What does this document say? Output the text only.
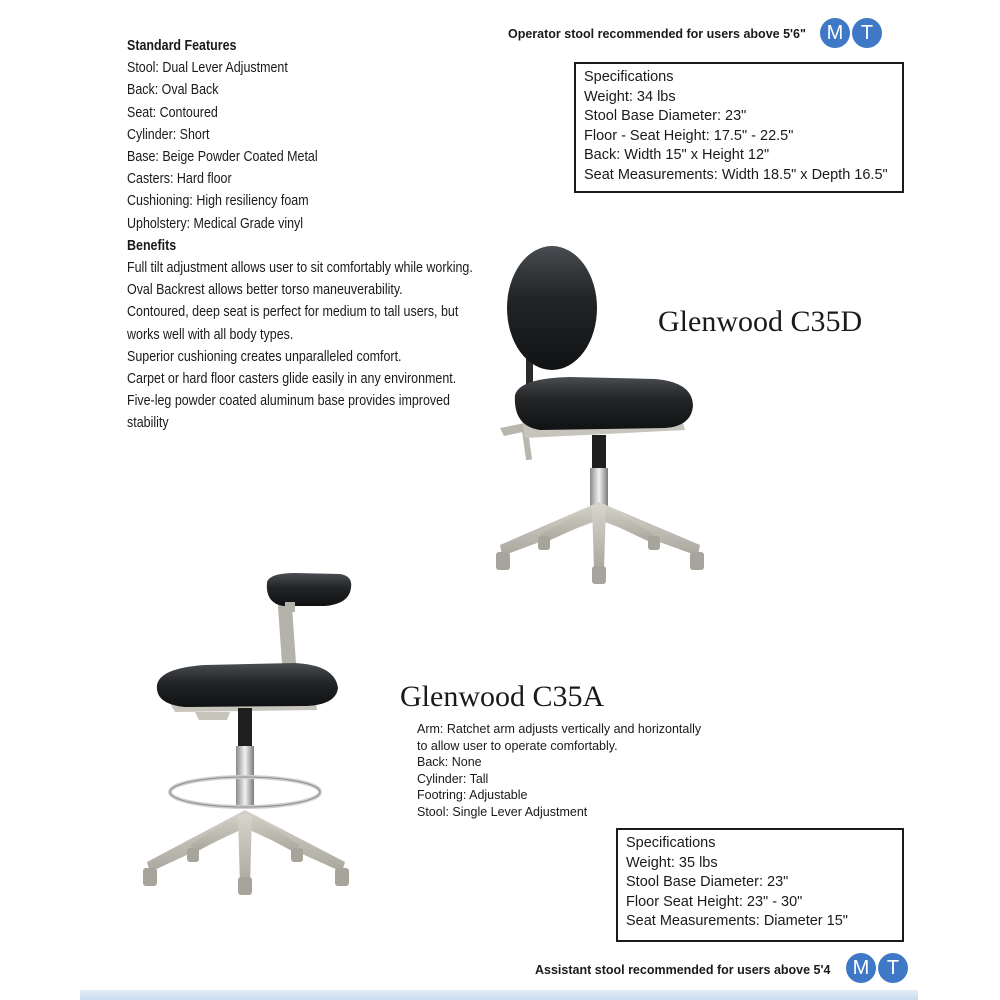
Standard Features
Stool: Dual Lever Adjustment
Back: Oval Back
Seat: Contoured
Cylinder: Short
Base: Beige Powder Coated Metal
Casters: Hard floor
Cushioning: High resiliency foam
Upholstery: Medical Grade vinyl
Benefits
Full tilt adjustment allows user to sit comfortably while working.
Oval Backrest allows better torso maneuverability.
Contoured, deep seat is perfect for medium to tall users, but
works well with all body types.
Superior cushioning creates unparalleled comfort.
Carpet or hard floor casters glide easily in any environment.
Five-leg powder coated aluminum base provides improved
stability
Operator stool recommended for users above 5'6"	M T
Specifications
Weight: 34 lbs
Stool Base Diameter: 23"
Floor - Seat Height: 17.5" - 22.5"
Back: Width 15" x Height 12"
Seat Measurements: Width 18.5" x Depth 16.5"
Glenwood C35D
Glenwood C35A
Arm: Ratchet arm adjusts vertically and horizontally
to allow user to operate comfortably.
Back: None
Cylinder: Tall
Footring: Adjustable
Stool: Single Lever Adjustment
Specifications
Weight: 35 lbs
Stool Base Diameter: 23"
Floor Seat Height: 23" - 30"
Seat Measurements: Diameter 15"
Assistant stool recommended for users above 5'4	M T
